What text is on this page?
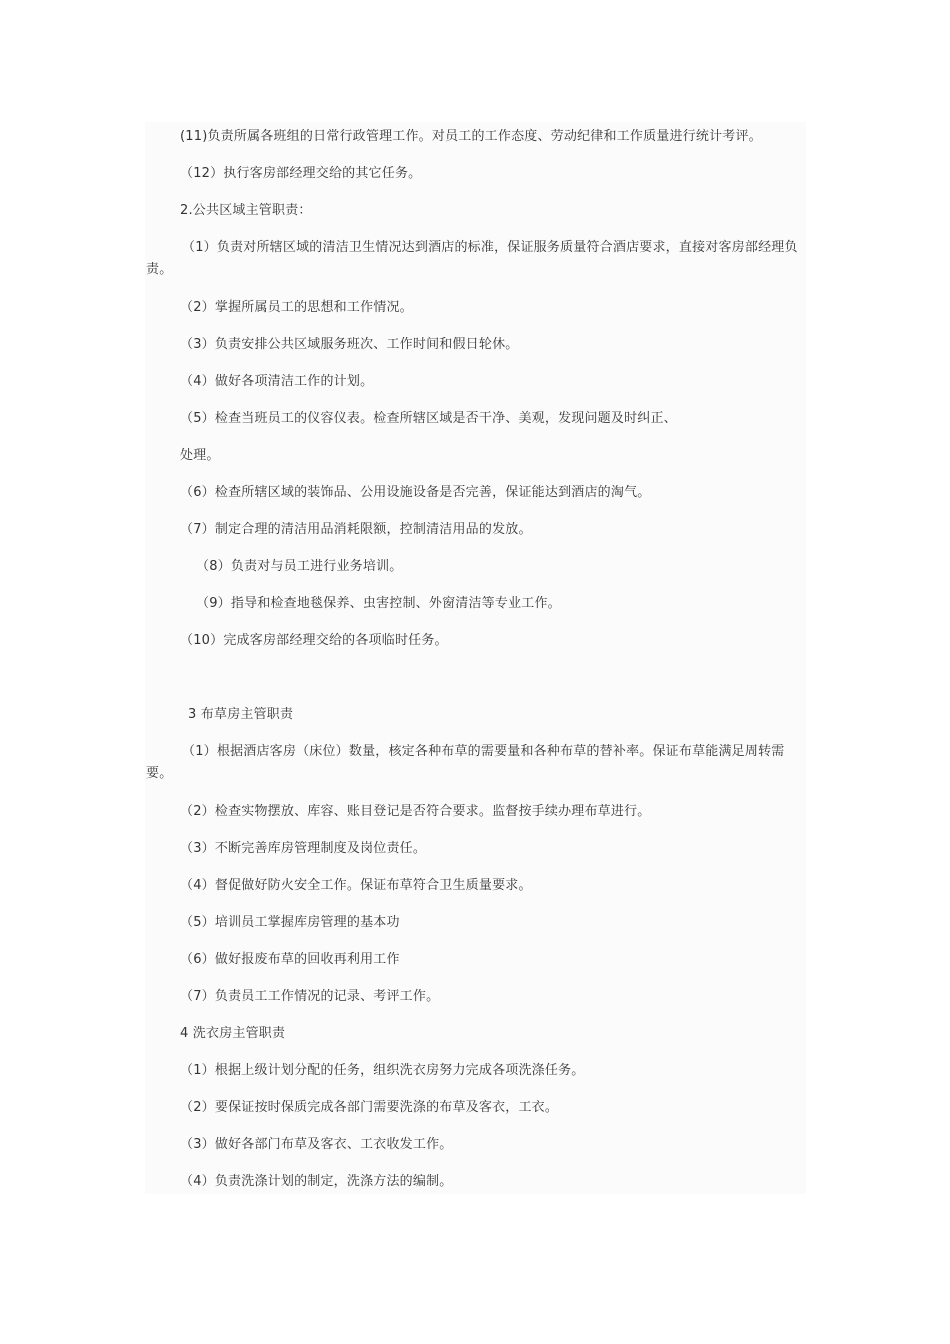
(11)负责所属各班组的日常行政管理工作。对员工的工作态度、劳动纪律和工作质量进行统计考评。
（12）执行客房部经理交给的其它任务。
2.公共区域主管职责：
（1）负责对所辖区域的清洁卫生情况达到酒店的标准，保证服务质量符合酒店要求，直接对客房部经理负责。
（2）掌握所属员工的思想和工作情况。
（3）负责安排公共区域服务班次、工作时间和假日轮休。
（4）做好各项清洁工作的计划。
（5）检查当班员工的仪容仪表。检查所辖区域是否干净、美观，发现问题及时纠正、
处理。
（6）检查所辖区域的装饰品、公用设施设备是否完善，保证能达到酒店的淘气。
（7）制定合理的清洁用品消耗限额，控制清洁用品的发放。
（8）负责对与员工进行业务培训。
（9）指导和检查地毯保养、虫害控制、外窗清洁等专业工作。
（10）完成客房部经理交给的各项临时任务。
3 布草房主管职责
（1）根据酒店客房（床位）数量，核定各种布草的需要量和各种布草的替补率。保证布草能满足周转需要。
（2）检查实物摆放、库容、账目登记是否符合要求。监督按手续办理布草进行。
（3）不断完善库房管理制度及岗位责任。
（4）督促做好防火安全工作。保证布草符合卫生质量要求。
（5）培训员工掌握库房管理的基本功
（6）做好报废布草的回收再利用工作
（7）负责员工工作情况的记录、考评工作。
4 洗衣房主管职责
（1）根据上级计划分配的任务，组织洗衣房努力完成各项洗涤任务。
（2）要保证按时保质完成各部门需要洗涤的布草及客衣，工衣。
（3）做好各部门布草及客衣、工衣收发工作。
（4）负责洗涤计划的制定，洗涤方法的编制。
